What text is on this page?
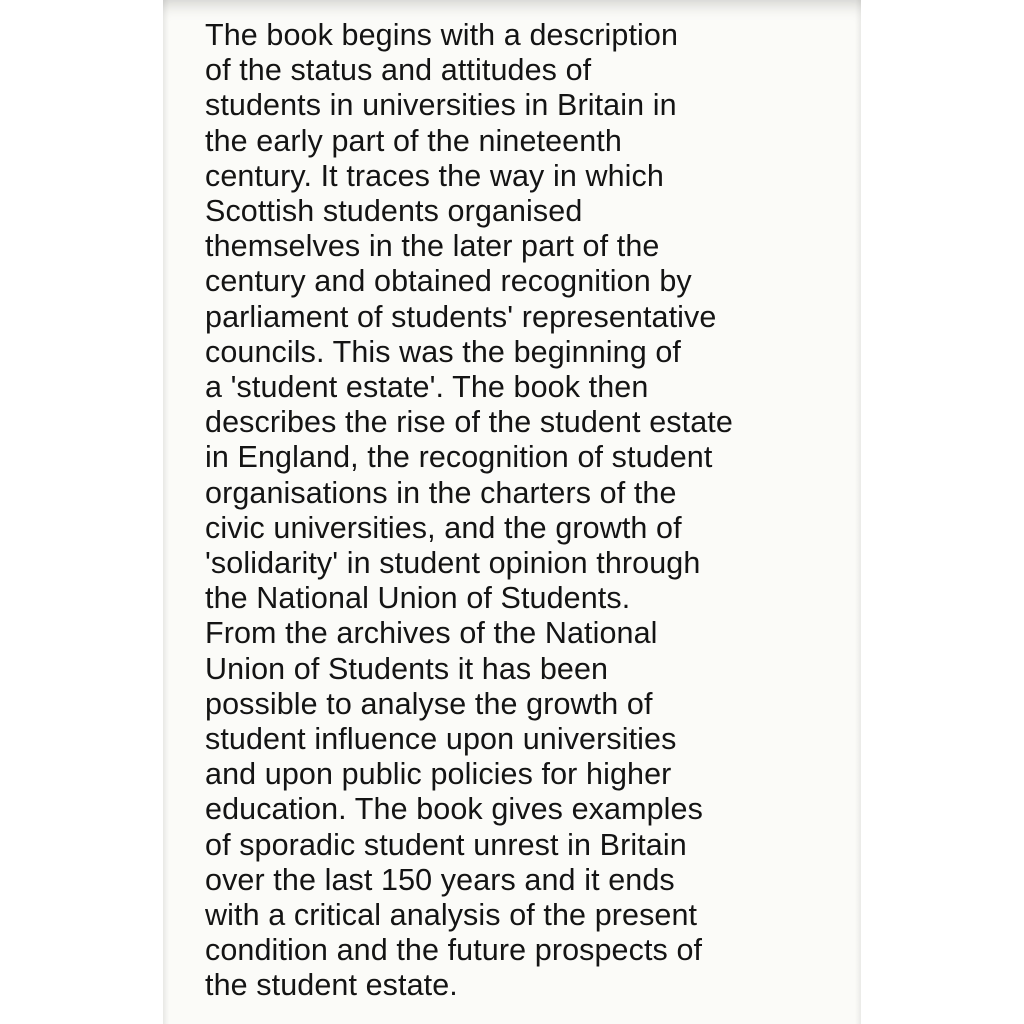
The book begins with a description
of the status and attitudes of
students in universities in Britain in
the early part of the nineteenth
century. It traces the way in which
Scottish students organised
themselves in the later part of the
century and obtained recognition by
parliament of students' representative
councils. This was the beginning of
a 'student estate'. The book then
describes the rise of the student estate
in England, the recognition of student
organisations in the charters of the
civic universities, and the growth of
'solidarity' in student opinion through
the National Union of Students.
From the archives of the National
Union of Students it has been
possible to analyse the growth of
student influence upon universities
and upon public policies for higher
education. The book gives examples
of sporadic student unrest in Britain
over the last 150 years and it ends
with a critical analysis of the present
condition and the future prospects of
the student estate.
